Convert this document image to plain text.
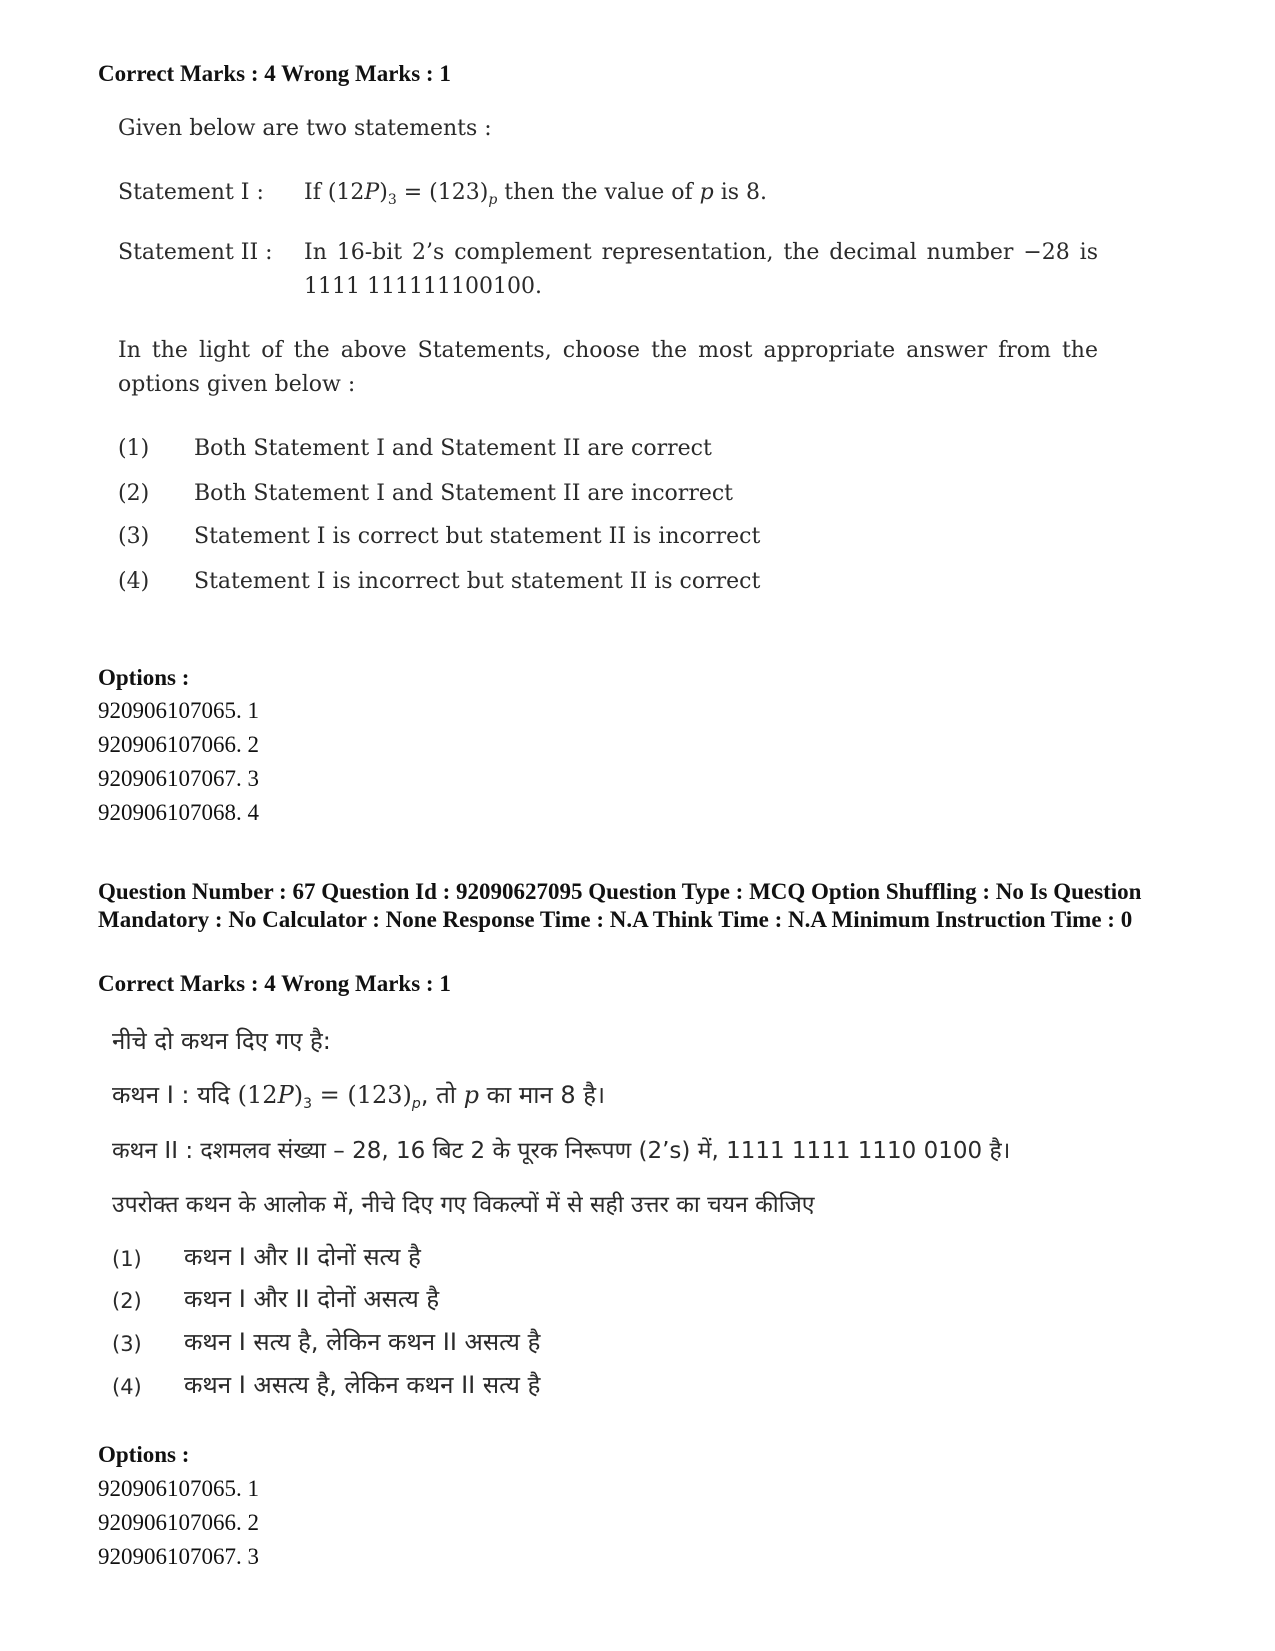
Correct Marks : 4 Wrong Marks : 1
Given below are two statements :
Statement I : If $(12P)_3 = (123)_p$ then the value of p is 8.
Statement II : In 16-bit 2’s complement representation, the decimal number −28 is 1111 111111100100.
In the light of the above Statements, choose the most appropriate answer from the options given below :
(1) Both Statement I and Statement II are correct
(2) Both Statement I and Statement II are incorrect
(3) Statement I is correct but statement II is incorrect
(4) Statement I is incorrect but statement II is correct
Options :
920906107065. 1
920906107066. 2
920906107067. 3
920906107068. 4
Question Number : 67 Question Id : 92090627095 Question Type : MCQ Option Shuffling : No Is Question Mandatory : No Calculator : None Response Time : N.A Think Time : N.A Minimum Instruction Time : 0
Correct Marks : 4 Wrong Marks : 1
नीचे दो कथन दिए गए है:
कथन I : यदि $(12P)_3 = (123)_p$, तो p का मान 8 है।
कथन II : दशमलव संख्या – 28, 16 बिट 2 के पूरक निरूपण (2’s) में, 1111 1111 1110 0100 है।
उपरोक्त कथन के आलोक में, नीचे दिए गए विकल्पों में से सही उत्तर का चयन कीजिए
(1) कथन I और II दोनों सत्य है
(2) कथन I और II दोनों असत्य है
(3) कथन I सत्य है, लेकिन कथन II असत्य है
(4) कथन I असत्य है, लेकिन कथन II सत्य है
Options :
920906107065. 1
920906107066. 2
920906107067. 3
